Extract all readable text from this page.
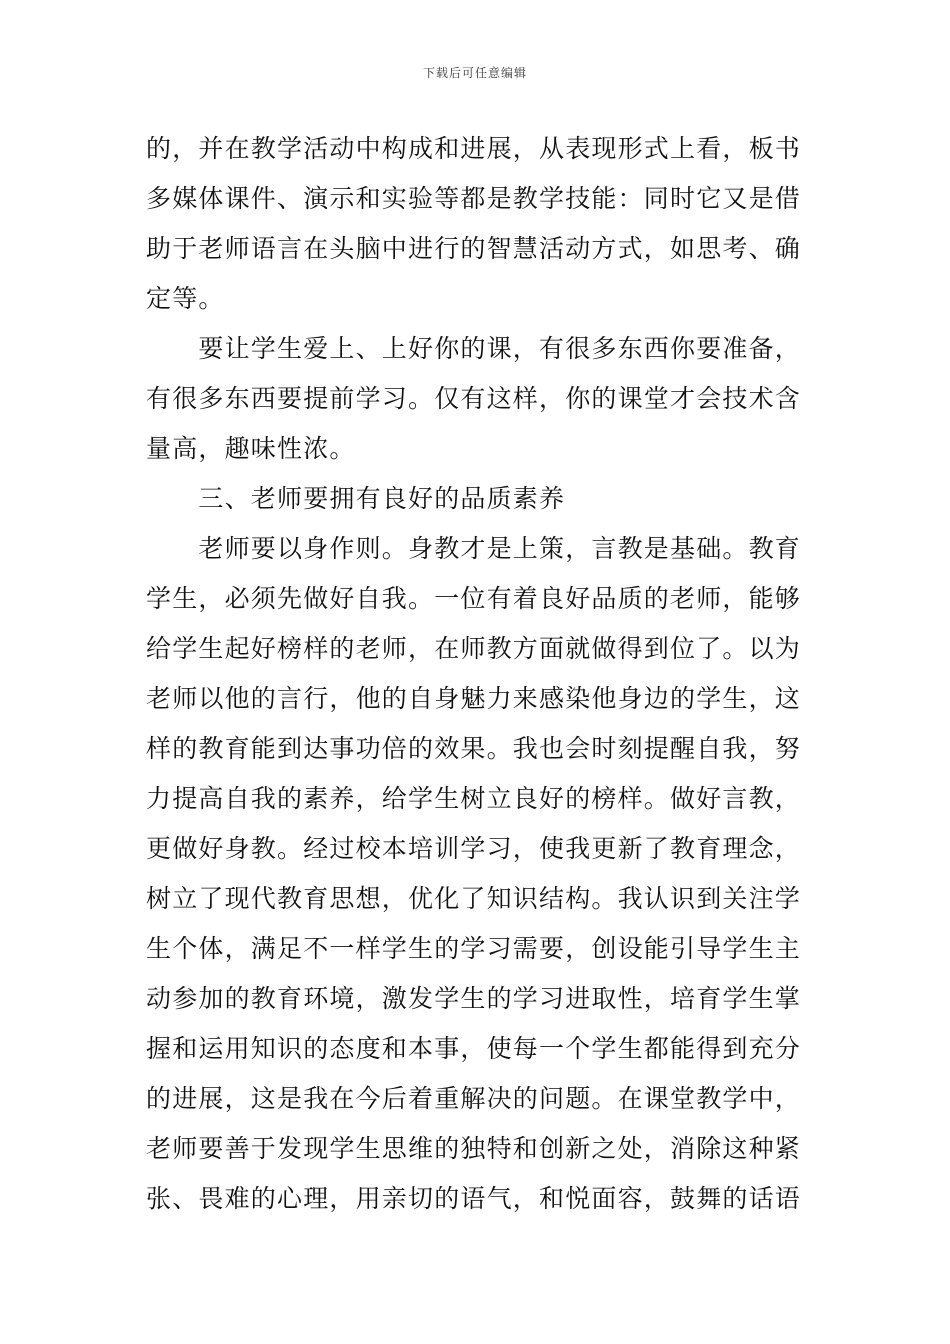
下载后可任意编辑
的，并在教学活动中构成和进展，从表现形式上看，板书
多媒体课件、演示和实验等都是教学技能：同时它又是借
助于老师语言在头脑中进行的智慧活动方式，如思考、确
定等。
　　要让学生爱上、上好你的课，有很多东西你要准备，
有很多东西要提前学习。仅有这样，你的课堂才会技术含
量高，趣味性浓。
　　三、老师要拥有良好的品质素养
　　老师要以身作则。身教才是上策，言教是基础。教育
学生，必须先做好自我。一位有着良好品质的老师，能够
给学生起好榜样的老师，在师教方面就做得到位了。以为
老师以他的言行，他的自身魅力来感染他身边的学生，这
样的教育能到达事功倍的效果。我也会时刻提醒自我，努
力提高自我的素养，给学生树立良好的榜样。做好言教，
更做好身教。经过校本培训学习，使我更新了教育理念，
树立了现代教育思想，优化了知识结构。我认识到关注学
生个体，满足不一样学生的学习需要，创设能引导学生主
动参加的教育环境，激发学生的学习进取性，培育学生掌
握和运用知识的态度和本事，使每一个学生都能得到充分
的进展，这是我在今后着重解决的问题。在课堂教学中，
老师要善于发现学生思维的独特和创新之处，消除这种紧
张、畏难的心理，用亲切的语气，和悦面容，鼓舞的话语
